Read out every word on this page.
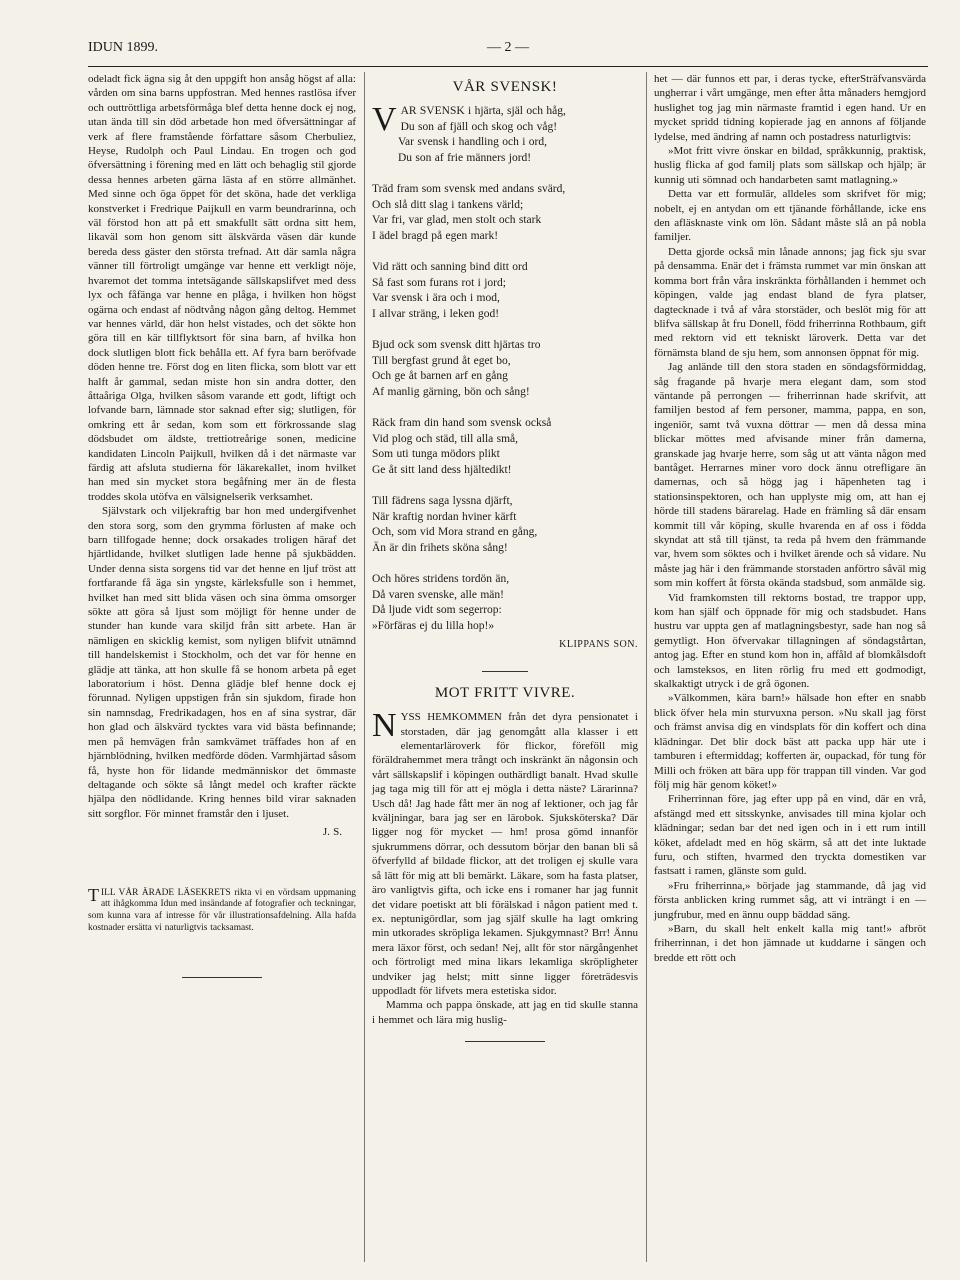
IDUN 1899.	— 2 —

odeladt fick ägna sig åt den uppgift hon ansåg högst af alla: vården om sina barns uppfostran. Med hennes rastlösa ifver och outtröttliga arbetsförmåga blef detta henne dock ej nog, utan ända till sin död arbetade hon med öfversättningar af verk af flere framstående författare såsom Cherbuliez, Heyse, Rudolph och Paul Lindau. En trogen och god öfversättning i förening med en lätt och behaglig stil gjorde dessa hennes arbeten gärna lästa af en större allmänhet. Med sinne och öga öppet för det sköna, hade det verkliga konstverket i Fredrique Paijkull en varm beundrarinna, och väl förstod hon att på ett smakfullt sätt ordna sitt hem, likaväl som hon genom sitt älskvärda väsen där kunde bereda dess gäster den största trefnad. Att där samla några vänner till förtroligt umgänge var henne ett verkligt nöje, hvaremot det tomma intetsägande sällskapslifvet med dess lyx och fåfänga var henne en plåga, i hvilken hon högst ogärna och endast af nödtvång någon gång deltog. Hemmet var hennes värld, där hon helst vistades, och det sökte hon göra till en kär tillflyktsort för sina barn, af hvilka hon dock slutligen blott fick behålla ett. Af fyra barn beröfvade döden henne tre. Först dog en liten flicka, som blott var ett halft år gammal, sedan miste hon sin andra dotter, den åttaåriga Olga, hvilken såsom varande ett godt, liftigt och lofvande barn, lämnade stor saknad efter sig; slutligen, för omkring ett år sedan, kom som ett förkrossande slag dödsbudet om äldste, trettiotreårige sonen, medicine kandidaten Lincoln Paijkull, hvilken då i det närmaste var färdig att afsluta studierna för läkarekallet, inom hvilket han med sin mycket stora begåfning mer än de flesta troddes skola utöfva en välsignelserik verksamhet.

Självstark och viljekraftig bar hon med undergifvenhet den stora sorg, som den grymma förlusten af make och barn tillfogade henne; dock orsakades troligen häraf det hjärtlidande, hvilket slutligen lade henne på sjukbädden. Under denna sista sorgens tid var det henne en ljuf tröst att fortfarande få äga sin yngste, kärleksfulle son i hemmet, hvilket han med sitt blida väsen och sina ömma omsorger sökte att göra så ljust som möjligt för henne under de stunder han kunde vara skiljd från sitt arbete. Han är nämligen en skicklig kemist, som nyligen blifvit utnämnd till handelskemist i Stockholm, och det var för henne en glädje att tänka, att hon skulle få se honom arbeta på eget laboratorium i höst. Denna glädje blef henne dock ej förunnad. Nyligen uppstigen från sin sjukdom, firade hon sin namnsdag, Fredrikadagen, hos en af sina systrar, där hon glad och älskvärd tycktes vara vid bästa befinnande; men på hemvägen från samkvämet träffades hon af en hjärnblödning, hvilken medförde döden. Varmhjärtad såsom få, hyste hon för lidande medmänniskor det ömmaste deltagande och sökte så långt medel och krafter räckte hjälpa den nödlidande. Kring hennes bild virar saknaden sitt sorgflor. För minnet framstår den i ljuset.

J. S.

TILL VÅR ÄRADE LÄSEKRETS rikta vi en vördsam uppmaning att ihågkomma Idun med insändande af fotografier och teckningar, som kunna vara af intresse för vår illustrationsafdelning. Alla hafda kostnader ersätta vi naturligtvis tacksamast.

VÅR SVENSK!
VAR SVENSK i hjärta, själ och håg,
Du son af fjäll och skog och våg!
Var svensk i handling och i ord,
Du son af frie männers jord!
Träd fram som svensk med andans svärd,
Och slå ditt slag i tankens värld;
Var fri, var glad, men stolt och stark
I ädel bragd på egen mark!
Vid rätt och sanning bind ditt ord
Så fast som furans rot i jord;
Var svensk i ära och i mod,
I allvar sträng, i leken god!
Bjud ock som svensk ditt hjärtas tro
Till bergfast grund åt eget bo,
Och ge åt barnen arf en gång
Af manlig gärning, bön och sång!
Räck fram din hand som svensk också
Vid plog och städ, till alla små,
Som uti tunga mödors plikt
Ge åt sitt land dess hjältedikt!
Till fädrens saga lyssna djärft,
När kraftig nordan hviner kärft
Och, som vid Mora strand en gång,
Än är din frihets sköna sång!
Och höres stridens tordön än,
Då varen svenske, alle män!
Då ljude vidt som segerrop:
»Förfäras ej du lilla hop!»
KLIPPANS SON.
MOT FRITT VIVRE.

NYSS HEMKOMMEN från det dyra pensionatet i storstaden, där jag genomgått alla klasser i ett elementarläroverk för flickor, föreföll mig föräldrahemmet mera trångt och inskränkt än någonsin och vårt sällskapslif i köpingen outhärdligt banalt. Hvad skulle jag taga mig till för att ej mögla i detta näste? Lärarinna? Usch då! Jag hade fått mer än nog af lektioner, och jag får kväljningar, bara jag ser en lärobok. Sjuksköterska? Där ligger nog för mycket — hm! prosa gömd innanför sjukrummens dörrar, och dessutom börjar den banan bli så öfverfylld af bildade flickor, att det troligen ej skulle vara så lätt för mig att bli bemärkt. Läkare, som ha fasta platser, äro vanligtvis gifta, och icke ens i romaner har jag funnit det vidare poetiskt att bli förälskad i någon patient med t. ex. neptunigördlar, som jag själf skulle ha lagt omkring min utkorades skröpliga lekamen. Sjukgymnast? Brr! Ännu mera läxor först, och sedan! Nej, allt för stor närgångenhet och förtroligt med mina likars lekamliga skröpligheter undviker jag helst; mitt sinne ligger företrädesvis uppodladt för lifvets mera estetiska sidor.

Mamma och pappa önskade, att jag en tid skulle stanna i hemmet och lära mig huslig-

het — där funnos ett par, i deras tycke, efterSträfvansvärda ungherrar i vårt umgänge, men efter åtta månaders hemgjord huslighet tog jag min närmaste framtid i egen hand. Ur en mycket spridd tidning kopierade jag en annons af följande lydelse, med ändring af namn och postadress naturligtvis:

»Mot fritt vivre önskar en bildad, språkkunnig, praktisk, huslig flicka af god familj plats som sällskap och hjälp; är kunnig uti sömnad och handarbeten samt matlagning.»

Detta var ett formulär, alldeles som skrifvet för mig; nobelt, ej en antydan om ett tjänande förhållande, icke ens den afläsknaste vink om lön. Sådant måste slå an på nobla familjer.

Detta gjorde också min lånade annons; jag fick sju svar på densamma. Enär det i främsta rummet var min önskan att komma bort från våra inskränkta förhållanden i hemmet och köpingen, valde jag endast bland de fyra platser, dagtecknade i två af våra storstäder, och beslöt mig för att blifva sällskap åt fru Donell, född friherrinna Rothbaum, gift med rektorn vid ett tekniskt läroverk. Detta var det förnämsta bland de sju hem, som annonsen öppnat för mig.

Jag anlände till den stora staden en söndagsförmiddag, såg fragande på hvarje mera elegant dam, som stod väntande på perrongen — friherrinnan hade skrifvit, att familjen bestod af fem personer, mamma, pappa, en son, ingeniör, samt två vuxna döttrar — men då dessa mina blickar möttes med afvisande miner från damerna, granskade jag hvarje herre, som såg ut att vänta någon med bantåget. Herrarnes miner voro dock ännu otrefligare än damernas, och så högg jag i häpenheten tag i stationsinspektoren, och han upplyste mig om, att han ej hörde till stadens bärarelag. Hade en främling så där ensam kommit till vår köping, skulle hvarenda en af oss i födda skyndat att stå till tjänst, ta reda på hvem den främmande var, hvem som söktes och i hvilket ärende och så vidare. Nu måste jag här i den främmande storstaden anförtro såväl mig som min koffert åt första okända stadsbud, som anmälde sig.

Vid framkomsten till rektorns bostad, tre trappor upp, kom han själf och öppnade för mig och stadsbudet. Hans hustru var uppta gen af matlagningsbestyr, sade han nog så gemytligt. Hon öfvervakar tillagningen af söndagstårtan, antog jag. Efter en stund kom hon in, affåld af blomkålsdoft och lamsteksos, en liten rörlig fru med ett godmodigt, skalkaktigt utryck i de grå ögonen.

»Välkommen, kära barn!» hälsade hon efter en snabb blick öfver hela min sturvuxna person. »Nu skall jag först och främst anvisa dig en vindsplats för din koffert och dina klädningar. Det blir dock bäst att packa upp här ute i tamburen i eftermiddag; kofferten är, oupackad, för tung för Milli och fröken att bära upp för trappan till vinden. Var god följ mig här genom köket!»

Friherrinnan före, jag efter upp på en vind, där en vrå, afstängd med ett sitsskynke, anvisades till mina kjolar och klädningar; sedan bar det ned igen och in i ett rum intill köket, afdeladt med en hög skärm, så att det inte luktade furu, och stiften, hvarmed den tryckta domestiken var fastsatt i ramen, glänste som guld.

»Fru friherrinna,» började jag stammande, då jag vid första anblicken kring rummet såg, att vi inträngt i en — jungfrubur, med en ännu oupp bäddad säng.

»Barn, du skall helt enkelt kalla mig tant!» afbröt friherrinnan, i det hon jämnade ut kuddarne i sängen och bredde ett rött och
